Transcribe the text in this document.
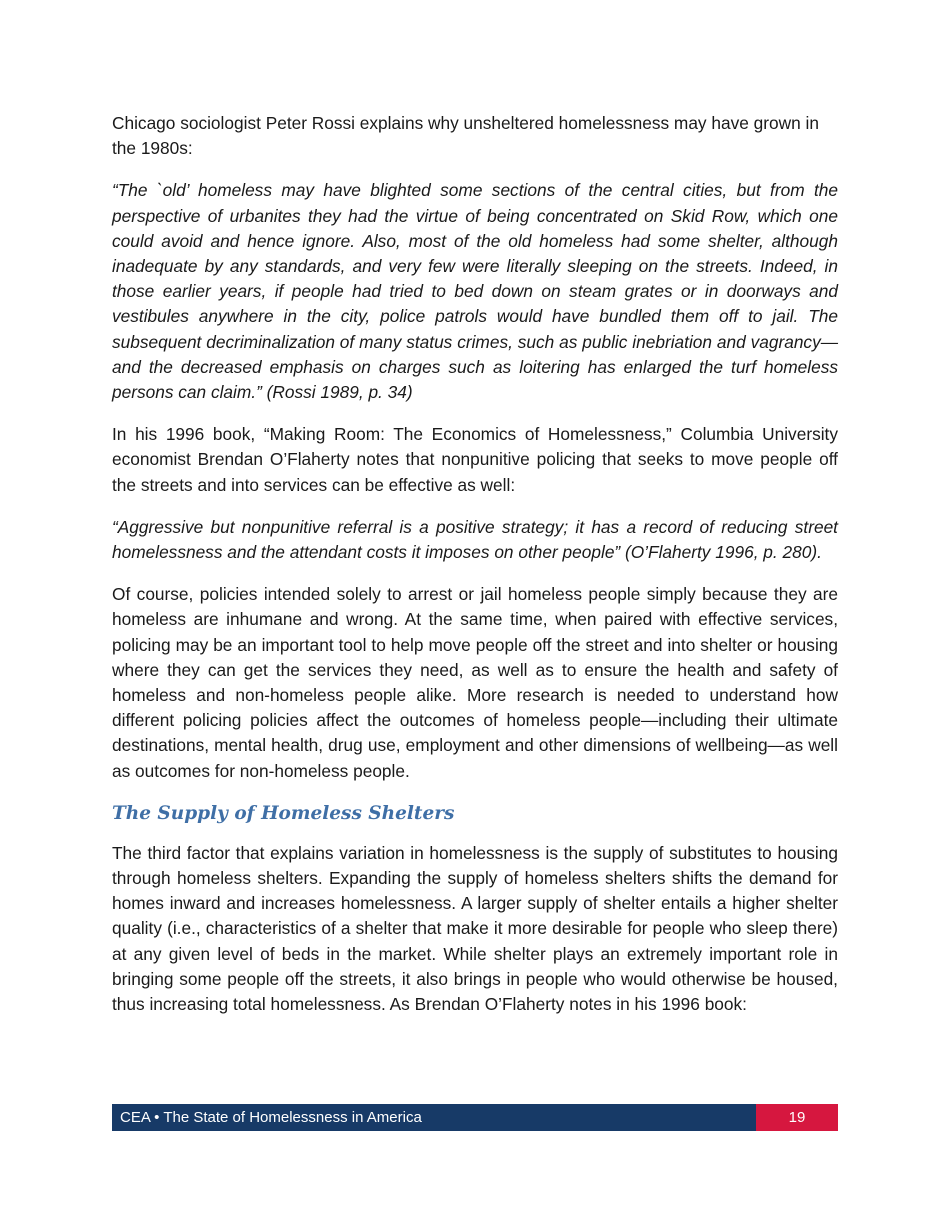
Chicago sociologist Peter Rossi explains why unsheltered homelessness may have grown in the 1980s:

“The `old’ homeless may have blighted some sections of the central cities, but from the perspective of urbanites they had the virtue of being concentrated on Skid Row, which one could avoid and hence ignore. Also, most of the old homeless had some shelter, although inadequate by any standards, and very few were literally sleeping on the streets. Indeed, in those earlier years, if people had tried to bed down on steam grates or in doorways and vestibules anywhere in the city, police patrols would have bundled them off to jail. The subsequent decriminalization of many status crimes, such as public inebriation and vagrancy—and the decreased emphasis on charges such as loitering has enlarged the turf homeless persons can claim.” (Rossi 1989, p. 34)

In his 1996 book, “Making Room: The Economics of Homelessness,” Columbia University economist Brendan O’Flaherty notes that nonpunitive policing that seeks to move people off the streets and into services can be effective as well:

“Aggressive but nonpunitive referral is a positive strategy; it has a record of reducing street homelessness and the attendant costs it imposes on other people” (O’Flaherty 1996, p. 280).

Of course, policies intended solely to arrest or jail homeless people simply because they are homeless are inhumane and wrong. At the same time, when paired with effective services, policing may be an important tool to help move people off the street and into shelter or housing where they can get the services they need, as well as to ensure the health and safety of homeless and non-homeless people alike. More research is needed to understand how different policing policies affect the outcomes of homeless people—including their ultimate destinations, mental health, drug use, employment and other dimensions of wellbeing—as well as outcomes for non-homeless people.

The Supply of Homeless Shelters

The third factor that explains variation in homelessness is the supply of substitutes to housing through homeless shelters. Expanding the supply of homeless shelters shifts the demand for homes inward and increases homelessness. A larger supply of shelter entails a higher shelter quality (i.e., characteristics of a shelter that make it more desirable for people who sleep there) at any given level of beds in the market. While shelter plays an extremely important role in bringing some people off the streets, it also brings in people who would otherwise be housed, thus increasing total homelessness. As Brendan O’Flaherty notes in his 1996 book:

CEA • The State of Homelessness in America	19
